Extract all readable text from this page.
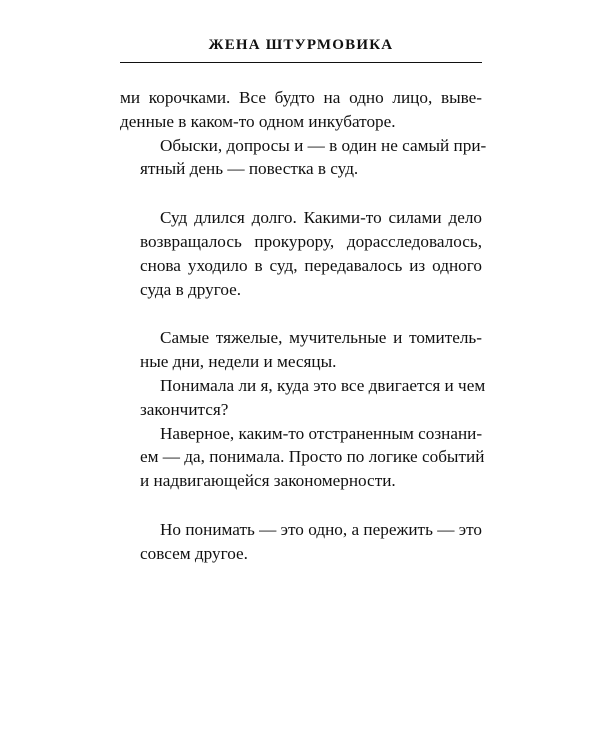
ЖЕНА ШТУРМОВИКА

ми корочками. Все будто на одно лицо, выве-
денные в каком-то одном инкубаторе.

Обыски, допросы и — в один не самый при-
ятный день — повестка в суд.

Суд длился долго. Какими-то силами дело
возвращалось прокурору, дорасследовалось,
снова уходило в суд, передавалось из одного
суда в другое.

Самые тяжелые, мучительные и томитель-
ные дни, недели и месяцы.

Понимала ли я, куда это все двигается и чем
закончится?

Наверное, каким-то отстраненным сознани-
ем — да, понимала. Просто по логике событий
и надвигающейся закономерности.

Но понимать — это одно, а пережить — это
совсем другое.
